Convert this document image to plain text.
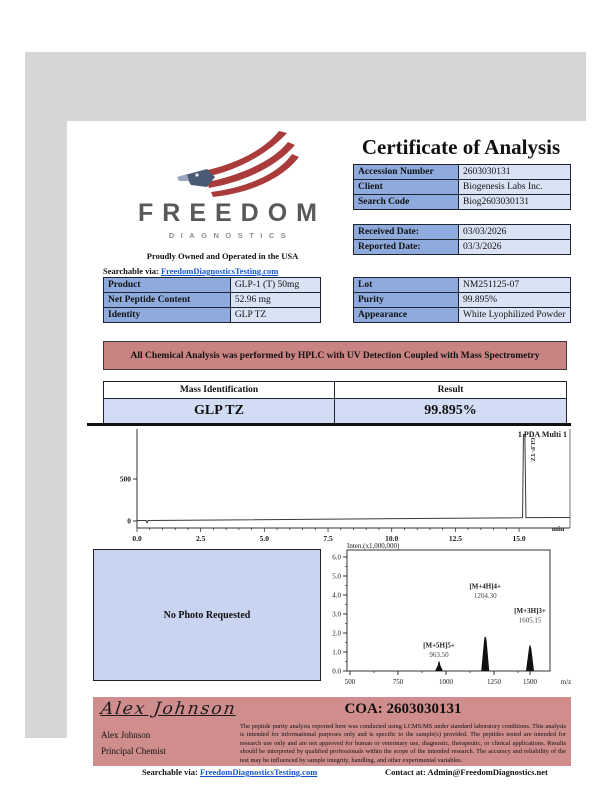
FREEDOM
DIAGNOSTICS
Proudly Owned and Operated in the USA
Searchable via: FreedomDiagnosticsTesting.com
Certificate of Analysis
Accession Number	2603030131
Client	Biogenesis Labs Inc.
Search Code	Biog2603030131
Received Date:	03/03/2026
Reported Date:	03/3/2026
Product	GLP-1 (T) 50mg
Net Peptide Content	52.96 mg
Identity	GLP TZ
Lot	NM251125-07
Purity	99.895%
Appearance	White Lyophilized Powder
All Chemical Analysis was performed by HPLC with UV Detection Coupled with Mass Spectrometry
Mass Identification	Result
GLP TZ	99.895%
0
500
0.0	2.5	5.0	7.5	10.0	12.5	15.0
min
1 PDA Multi 1
GLP-TZ
No Photo Requested
Inten.(x1,000,000)
0.0
1.0
2.0
3.0
4.0
5.0
6.0
500	750	1000	1250	1500	m/z
[M+5H]5+
963.50
[M+4H]4+
1204.30
[M+3H]3+
1605.15
Alex Johnson	COA: 2603030131
Alex Johnson
Principal Chemist
The peptide purity analysis reported here was conducted using LCMS/MS under standard laboratory conditions. This analysis is intended for informational purposes only and is specific to the sample(s) provided. The peptides tested are intended for research use only and are not approved for human or veterinary use, diagnostic, therapeutic, or clinical applications. Results should be interpreted by qualified professionals within the scope of the intended research. The accuracy and reliability of the test may be influenced by sample integrity, handling, and other experimental variables.
Searchable via: FreedomDiagnosticsTesting.com	Contact at: Admin@FreedomDiagnostics.net
